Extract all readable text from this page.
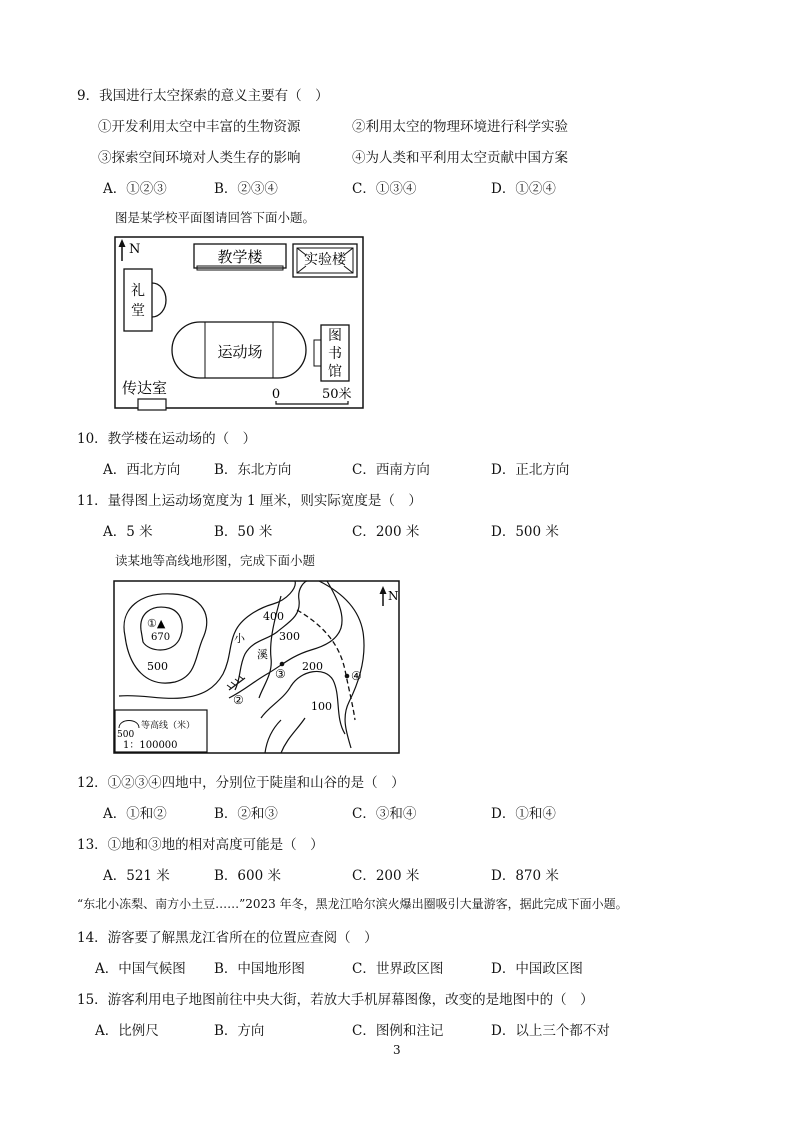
9．我国进行太空探索的意义主要有（　）
①开发利用太空中丰富的生物资源	②利用太空的物理环境进行科学实验
③探索空间环境对人类生存的影响	④为人类和平利用太空贡献中国方案
A．①②③	B．②③④	C．①③④	D．①②④
图是某学校平面图请回答下面小题。
N	教学楼	实验楼
礼
堂
运动场
图
书
馆
传达室	0	50米
10．教学楼在运动场的（　）
A．西北方向	B．东北方向	C．西南方向	D．正北方向
11．量得图上运动场宽度为 1 厘米，则实际宽度是（　）
A．5 米	B．50 米	C．200 米	D．500 米
读某地等高线地形图，完成下面小题
N
①▲
670
500
400
300
200
100
小
溪
②
③	④
500
等高线（米）
1：100000
12．①②③④四地中，分别位于陡崖和山谷的是（　）
A．①和②	B．②和③	C．③和④	D．①和④
13．①地和③地的相对高度可能是（　）
A．521 米	B．600 米	C．200 米	D．870 米
“东北小冻梨、南方小土豆……”2023 年冬，黑龙江哈尔滨火爆出圈吸引大量游客，据此完成下面小题。
14．游客要了解黑龙江省所在的位置应查阅（　）
A．中国气候图 B．中国地形图	C．世界政区图	D．中国政区图
15．游客利用电子地图前往中央大街，若放大手机屏幕图像，改变的是地图中的（　）
A．比例尺	B．方向	C．图例和注记	D．以上三个都不对
3
